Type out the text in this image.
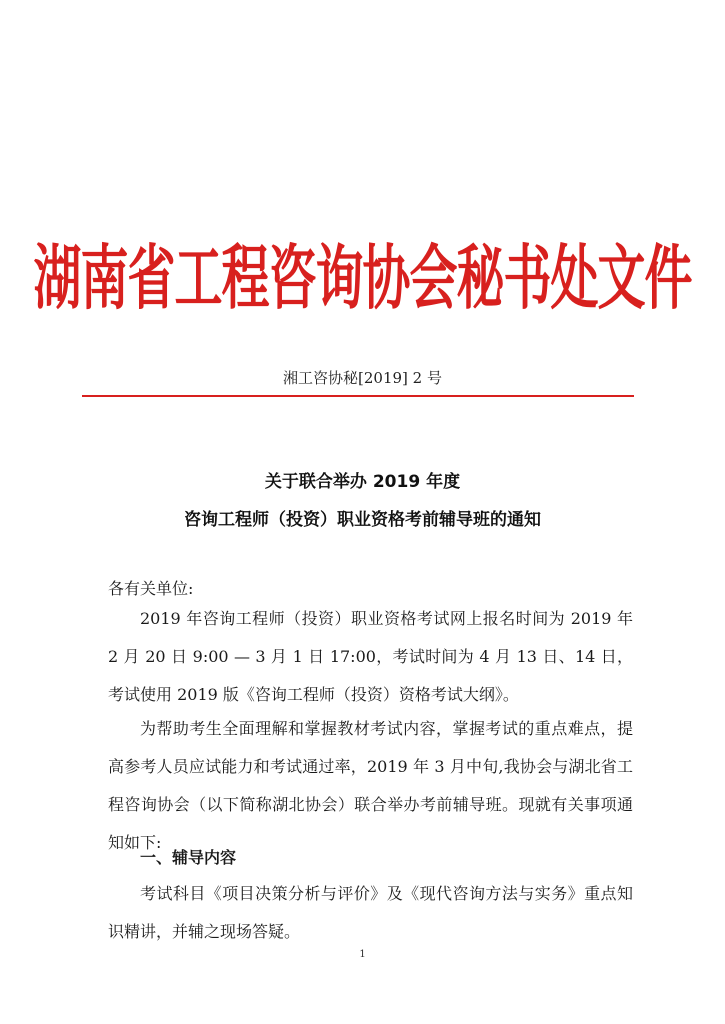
湖南省工程咨询协会秘书处文件
湘工咨协秘[2019] 2 号
关于联合举办 2019 年度
咨询工程师（投资）职业资格考前辅导班的通知
各有关单位:
2019 年咨询工程师（投资）职业资格考试网上报名时间为 2019 年 2 月 20 日 9:00 — 3 月 1 日 17:00，考试时间为 4 月 13 日、14 日，考试使用 2019 版《咨询工程师（投资）资格考试大纲》。
为帮助考生全面理解和掌握教材考试内容，掌握考试的重点难点，提高参考人员应试能力和考试通过率，2019 年 3 月中旬,我协会与湖北省工程咨询协会（以下简称湖北协会）联合举办考前辅导班。现就有关事项通知如下:
一、辅导内容
考试科目《项目决策分析与评价》及《现代咨询方法与实务》重点知识精讲，并辅之现场答疑。
1
